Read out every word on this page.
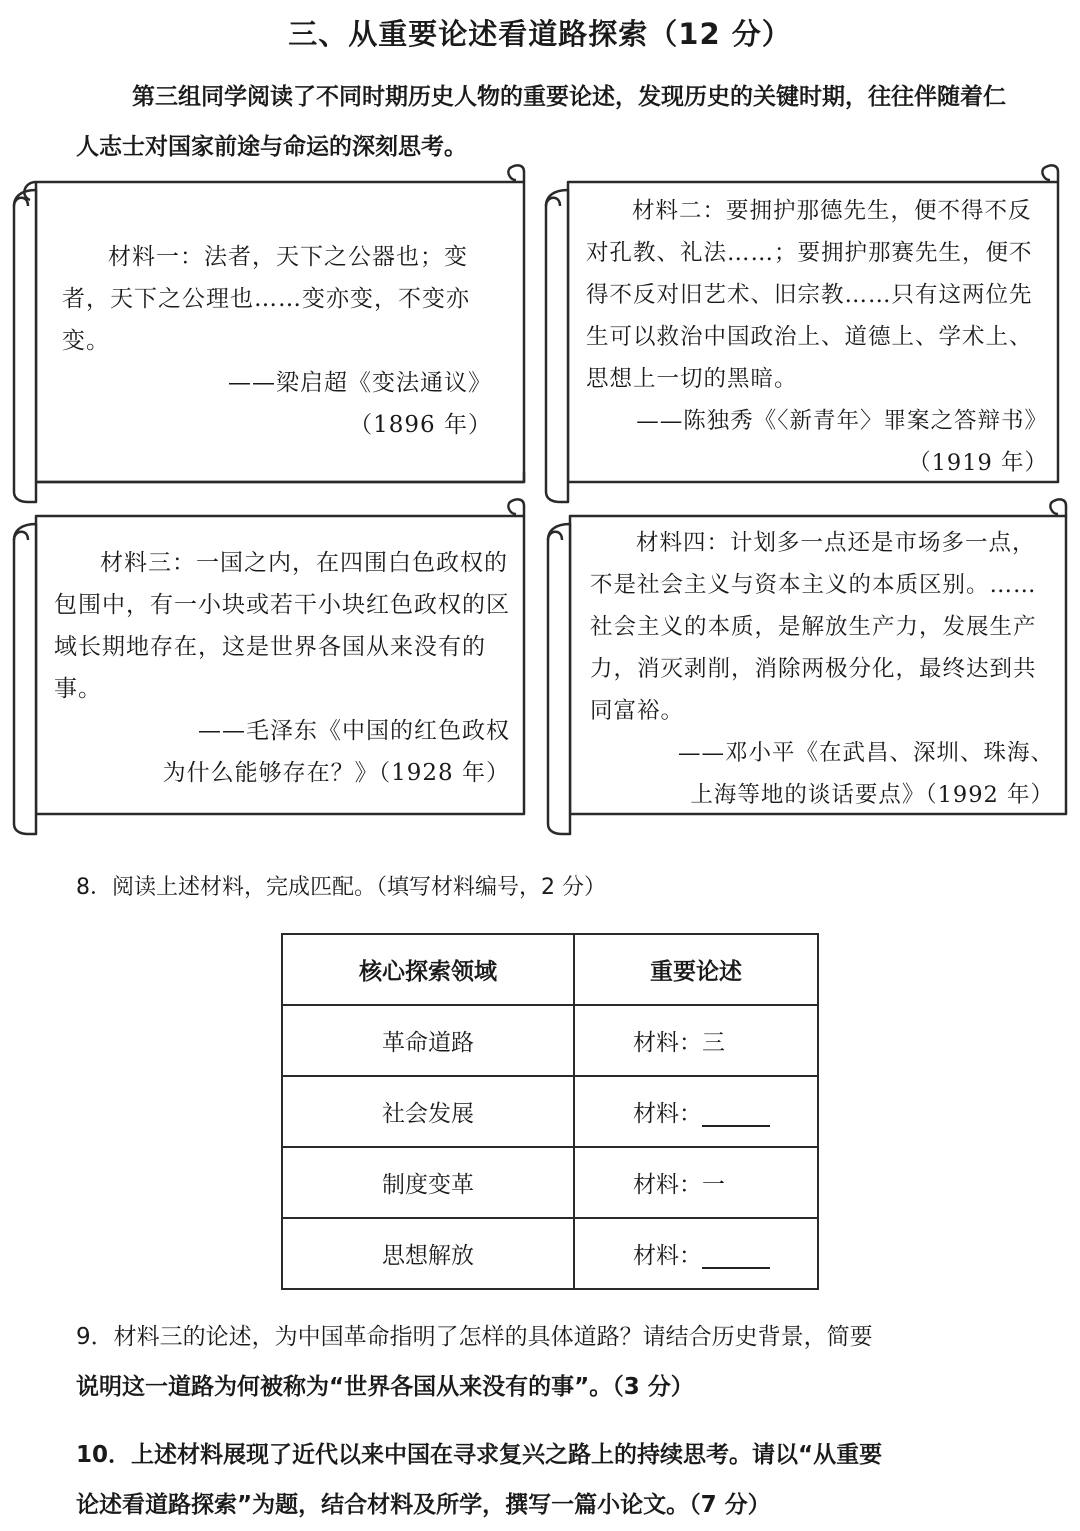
三、从重要论述看道路探索（12 分）
第三组同学阅读了不同时期历史人物的重要论述，发现历史的关键时期，往往伴随着仁人志士对国家前途与命运的深刻思考。
材料一：法者，天下之公器也；变者，天下之公理也……变亦变，不变亦变。
——梁启超《变法通议》
（1896 年）
材料二：要拥护那德先生，便不得不反对孔教、礼法……；要拥护那赛先生，便不得不反对旧艺术、旧宗教……只有这两位先生可以救治中国政治上、道德上、学术上、思想上一切的黑暗。
——陈独秀《〈新青年〉罪案之答辩书》
（1919 年）
材料三：一国之内，在四围白色政权的包围中，有一小块或若干小块红色政权的区域长期地存在，这是世界各国从来没有的事。
——毛泽东《中国的红色政权
为什么能够存在？》（1928 年）
材料四：计划多一点还是市场多一点，不是社会主义与资本主义的本质区别。……社会主义的本质，是解放生产力，发展生产力，消灭剥削，消除两极分化，最终达到共同富裕。
——邓小平《在武昌、深圳、珠海、
上海等地的谈话要点》（1992 年）
8．阅读上述材料，完成匹配。（填写材料编号，2 分）
核心探索领域	重要论述
革命道路	材料：三
社会发展	材料：
制度变革	材料：一
思想解放	材料：
9．材料三的论述，为中国革命指明了怎样的具体道路？请结合历史背景，简要
说明这一道路为何被称为“世界各国从来没有的事”。（3 分）
10．上述材料展现了近代以来中国在寻求复兴之路上的持续思考。请以“从重要
论述看道路探索”为题，结合材料及所学，撰写一篇小论文。（7 分）
